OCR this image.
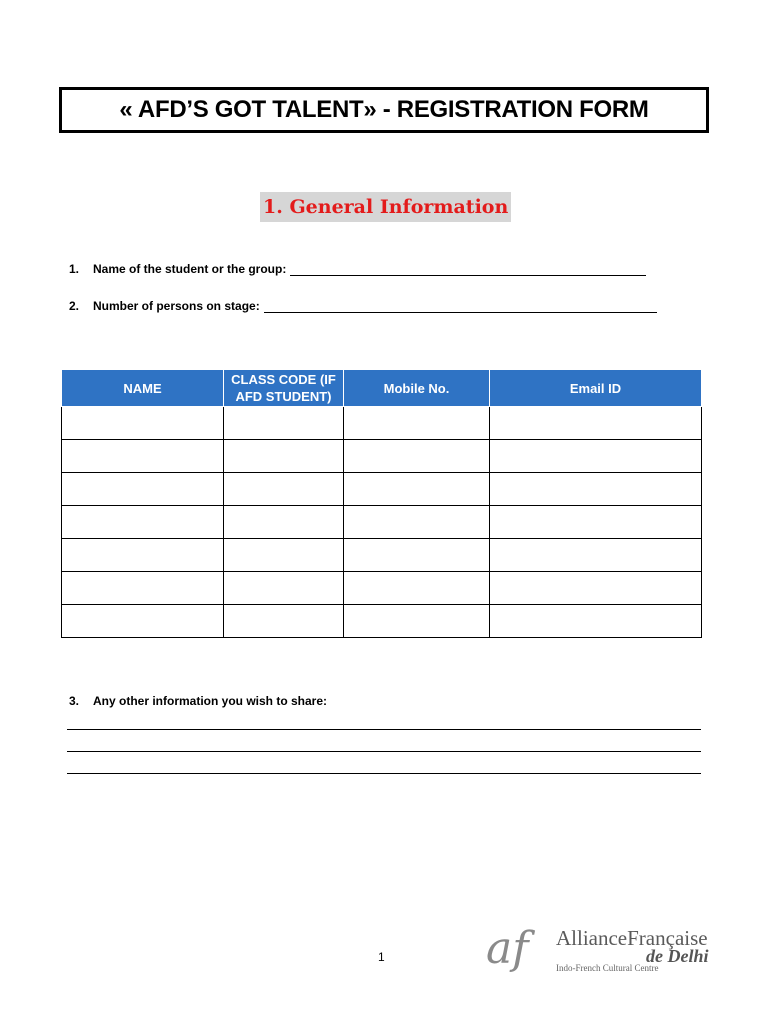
« AFD’S GOT TALENT» - REGISTRATION FORM
1. General Information
1.	Name of the student or the group:
2.	Number of persons on stage:
NAME	CLASS CODE (IF AFD STUDENT)	Mobile No.	Email ID

3.	Any other information you wish to share:
1 af AllianceFrançaise
de Delhi
Indo-French Cultural Centre
